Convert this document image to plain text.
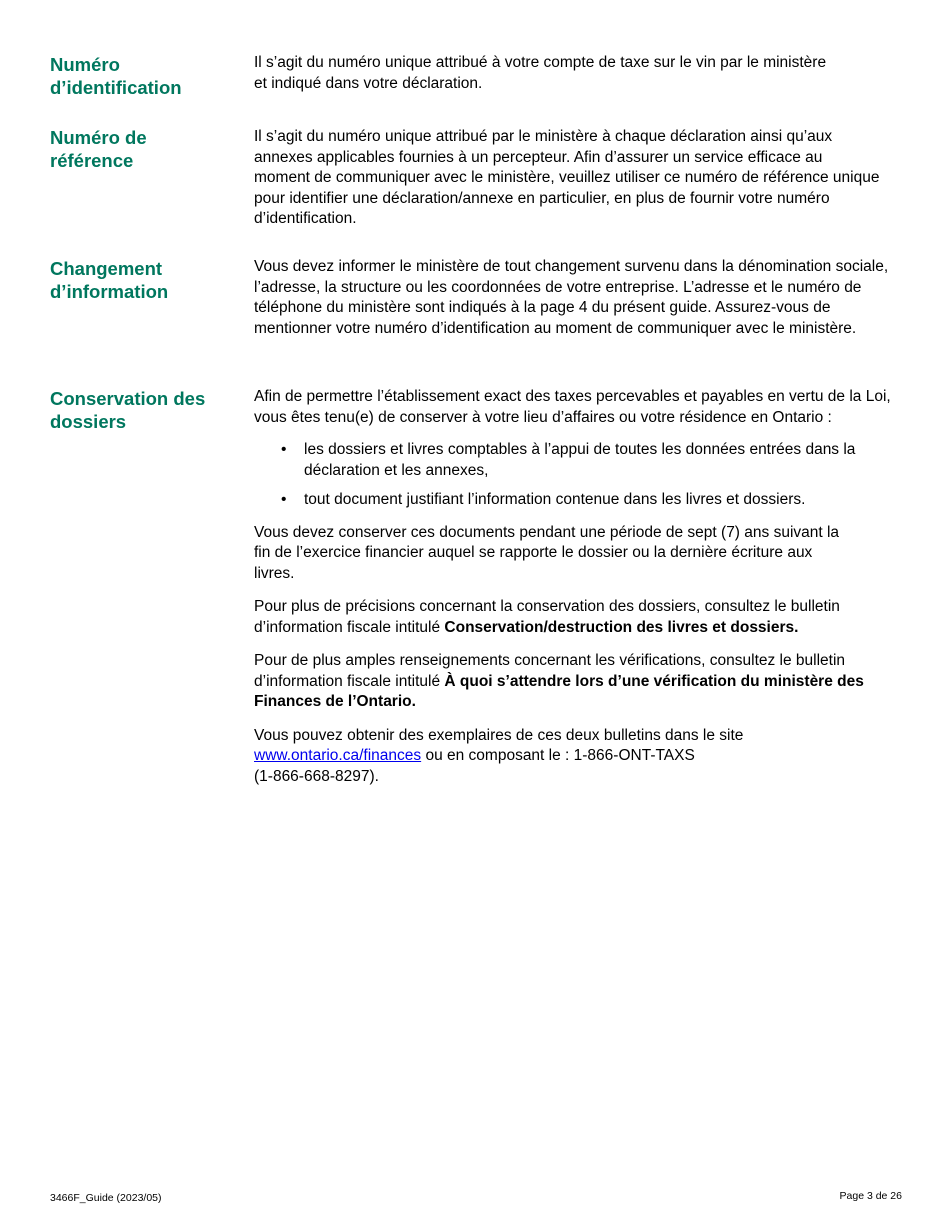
Numéro
d’identification

Il s’agit du numéro unique attribué à votre compte de taxe sur le vin par le ministère et indiqué dans votre déclaration.

Numéro de
référence

Il s’agit du numéro unique attribué par le ministère à chaque déclaration ainsi qu’aux annexes applicables fournies à un percepteur. Afin d’assurer un service efficace au moment de communiquer avec le ministère, veuillez utiliser ce numéro de référence unique pour identifier une déclaration/annexe en particulier, en plus de fournir votre numéro d’identification.

Changement
d’information

Vous devez informer le ministère de tout changement survenu dans la dénomination sociale, l’adresse, la structure ou les coordonnées de votre entreprise. L’adresse et le numéro de téléphone du ministère sont indiqués à la page 4 du présent guide. Assurez-vous de mentionner votre numéro d’identification au moment de communiquer avec le ministère.

Conservation des
dossiers

Afin de permettre l’établissement exact des taxes percevables et payables en vertu de la Loi, vous êtes tenu(e) de conserver à votre lieu d’affaires ou votre résidence en Ontario :

• les dossiers et livres comptables à l’appui de toutes les données entrées dans la déclaration et les annexes,
• tout document justifiant l’information contenue dans les livres et dossiers.

Vous devez conserver ces documents pendant une période de sept (7) ans suivant la fin de l’exercice financier auquel se rapporte le dossier ou la dernière écriture aux livres.

Pour plus de précisions concernant la conservation des dossiers, consultez le bulletin d’information fiscale intitulé Conservation/destruction des livres et dossiers.

Pour de plus amples renseignements concernant les vérifications, consultez le bulletin d’information fiscale intitulé À quoi s’attendre lors d’une vérification du ministère des Finances de l’Ontario.

Vous pouvez obtenir des exemplaires de ces deux bulletins dans le site www.ontario.ca/finances ou en composant le : 1-866-ONT-TAXS
(1-866-668-8297).

3466F_Guide (2023/05)	Page 3 de 26
